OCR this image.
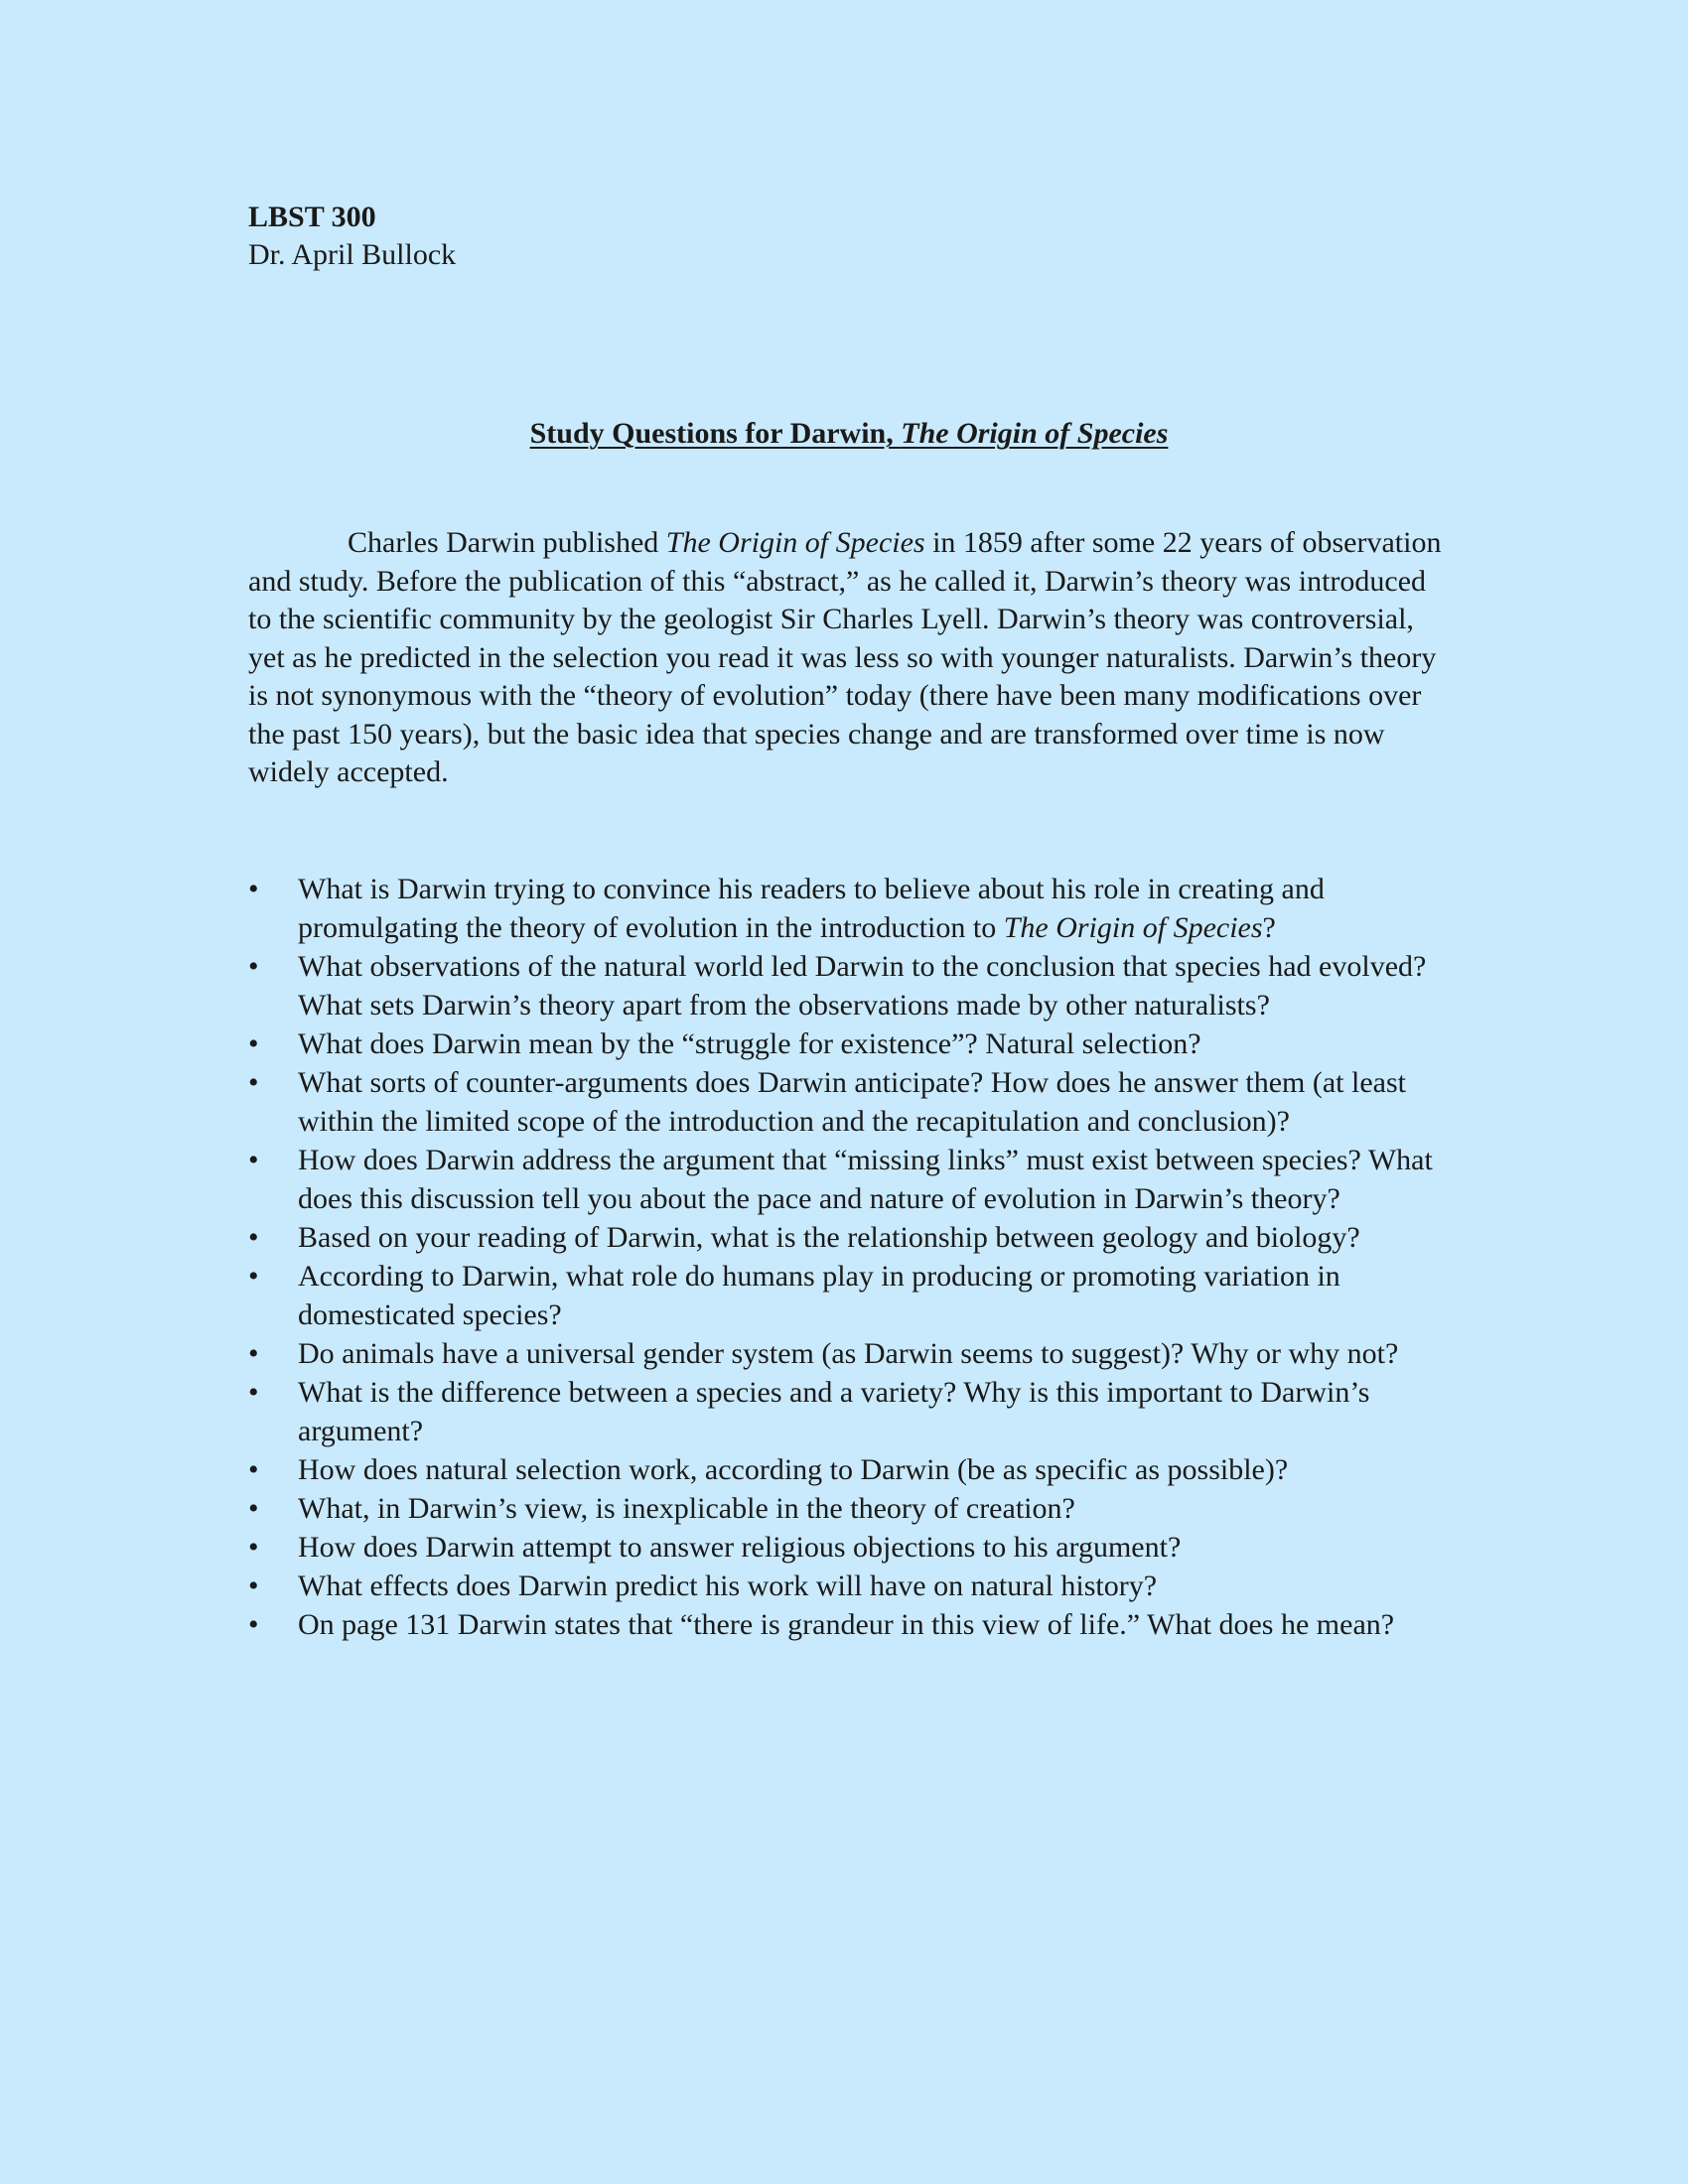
LBST 300

Dr. April Bullock

Study Questions for Darwin, The Origin of Species

Charles Darwin published The Origin of Species in 1859 after some 22 years of observation and study. Before the publication of this “abstract,” as he called it, Darwin’s theory was introduced to the scientific community by the geologist Sir Charles Lyell. Darwin’s theory was controversial, yet as he predicted in the selection you read it was less so with younger naturalists. Darwin’s theory is not synonymous with the “theory of evolution” today (there have been many modifications over the past 150 years), but the basic idea that species change and are transformed over time is now widely accepted.

•	What is Darwin trying to convince his readers to believe about his role in creating and promulgating the theory of evolution in the introduction to The Origin of Species?
•	What observations of the natural world led Darwin to the conclusion that species had evolved? What sets Darwin’s theory apart from the observations made by other naturalists?
•	What does Darwin mean by the “struggle for existence”? Natural selection?
•	What sorts of counter-arguments does Darwin anticipate? How does he answer them (at least within the limited scope of the introduction and the recapitulation and conclusion)?
•	How does Darwin address the argument that “missing links” must exist between species? What does this discussion tell you about the pace and nature of evolution in Darwin’s theory?
•	Based on your reading of Darwin, what is the relationship between geology and biology?
•	According to Darwin, what role do humans play in producing or promoting variation in domesticated species?
•	Do animals have a universal gender system (as Darwin seems to suggest)? Why or why not?
•	What is the difference between a species and a variety? Why is this important to Darwin’s argument?
•	How does natural selection work, according to Darwin (be as specific as possible)?
•	What, in Darwin’s view, is inexplicable in the theory of creation?
•	How does Darwin attempt to answer religious objections to his argument?
•	What effects does Darwin predict his work will have on natural history?
•	On page 131 Darwin states that “there is grandeur in this view of life.” What does he mean?
